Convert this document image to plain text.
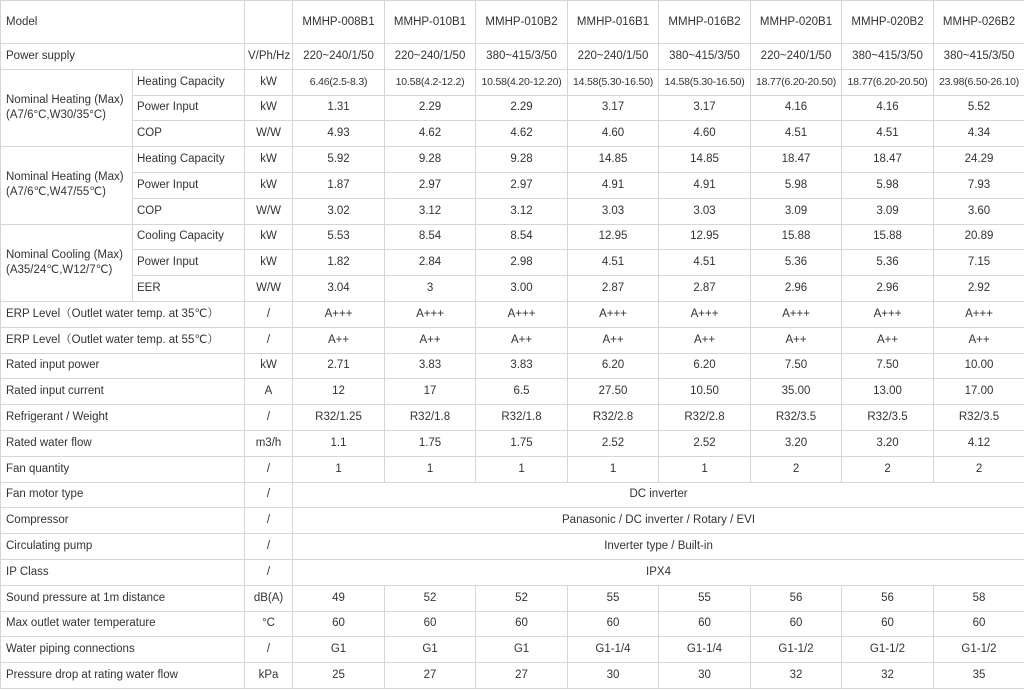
Model			MMHP-008B1	MMHP-010B1	MMHP-010B2	MMHP-016B1	MMHP-016B2	MMHP-020B1	MMHP-020B2	MMHP-026B2
Power supply		V/Ph/Hz	220~240/1/50	220~240/1/50	380~415/3/50	220~240/1/50	380~415/3/50	220~240/1/50	380~415/3/50	380~415/3/50
Nominal Heating (Max) (A7/6°C,W30/35°C)	Heating Capacity	kW	6.46(2.5-8.3)	10.58(4.2-12.2)	10.58(4.20-12.20)	14.58(5.30-16.50)	14.58(5.30-16.50)	18.77(6.20-20.50)	18.77(6.20-20.50)	23.98(6.50-26.10)
	Power Input	kW	1.31	2.29	2.29	3.17	3.17	4.16	4.16	5.52
	COP	W/W	4.93	4.62	4.62	4.60	4.60	4.51	4.51	4.34
Nominal Heating (Max) (A7/6℃,W47/55℃)	Heating Capacity	kW	5.92	9.28	9.28	14.85	14.85	18.47	18.47	24.29
	Power Input	kW	1.87	2.97	2.97	4.91	4.91	5.98	5.98	7.93
	COP	W/W	3.02	3.12	3.12	3.03	3.03	3.09	3.09	3.60
Nominal Cooling (Max) (A35/24℃,W12/7℃)	Cooling Capacity	kW	5.53	8.54	8.54	12.95	12.95	15.88	15.88	20.89
	Power Input	kW	1.82	2.84	2.98	4.51	4.51	5.36	5.36	7.15
	EER	W/W	3.04	3	3.00	2.87	2.87	2.96	2.96	2.92
ERP Level（Outlet water temp. at 35℃）		/	A+++	A+++	A+++	A+++	A+++	A+++	A+++	A+++
ERP Level（Outlet water temp. at 55℃）		/	A++	A++	A++	A++	A++	A++	A++	A++
Rated input power		kW	2.71	3.83	3.83	6.20	6.20	7.50	7.50	10.00
Rated input current		A	12	17	6.5	27.50	10.50	35.00	13.00	17.00
Refrigerant / Weight		/	R32/1.25	R32/1.8	R32/1.8	R32/2.8	R32/2.8	R32/3.5	R32/3.5	R32/3.5
Rated water flow		m3/h	1.1	1.75	1.75	2.52	2.52	3.20	3.20	4.12
Fan quantity		/	1	1	1	1	1	2	2	2
Fan motor type		/	DC inverter							
Compressor		/	Panasonic / DC inverter / Rotary / EVI							
Circulating pump		/	Inverter type / Built-in							
IP Class		/	IPX4							
Sound pressure at 1m distance		dB(A)	49	52	52	55	55	56	56	58
Max outlet water temperature		°C	60	60	60	60	60	60	60	60
Water piping connections		/	G1	G1	G1	G1-1/4	G1-1/4	G1-1/2	G1-1/2	G1-1/2
Pressure drop at rating water flow		kPa	25	27	27	30	30	32	32	35
